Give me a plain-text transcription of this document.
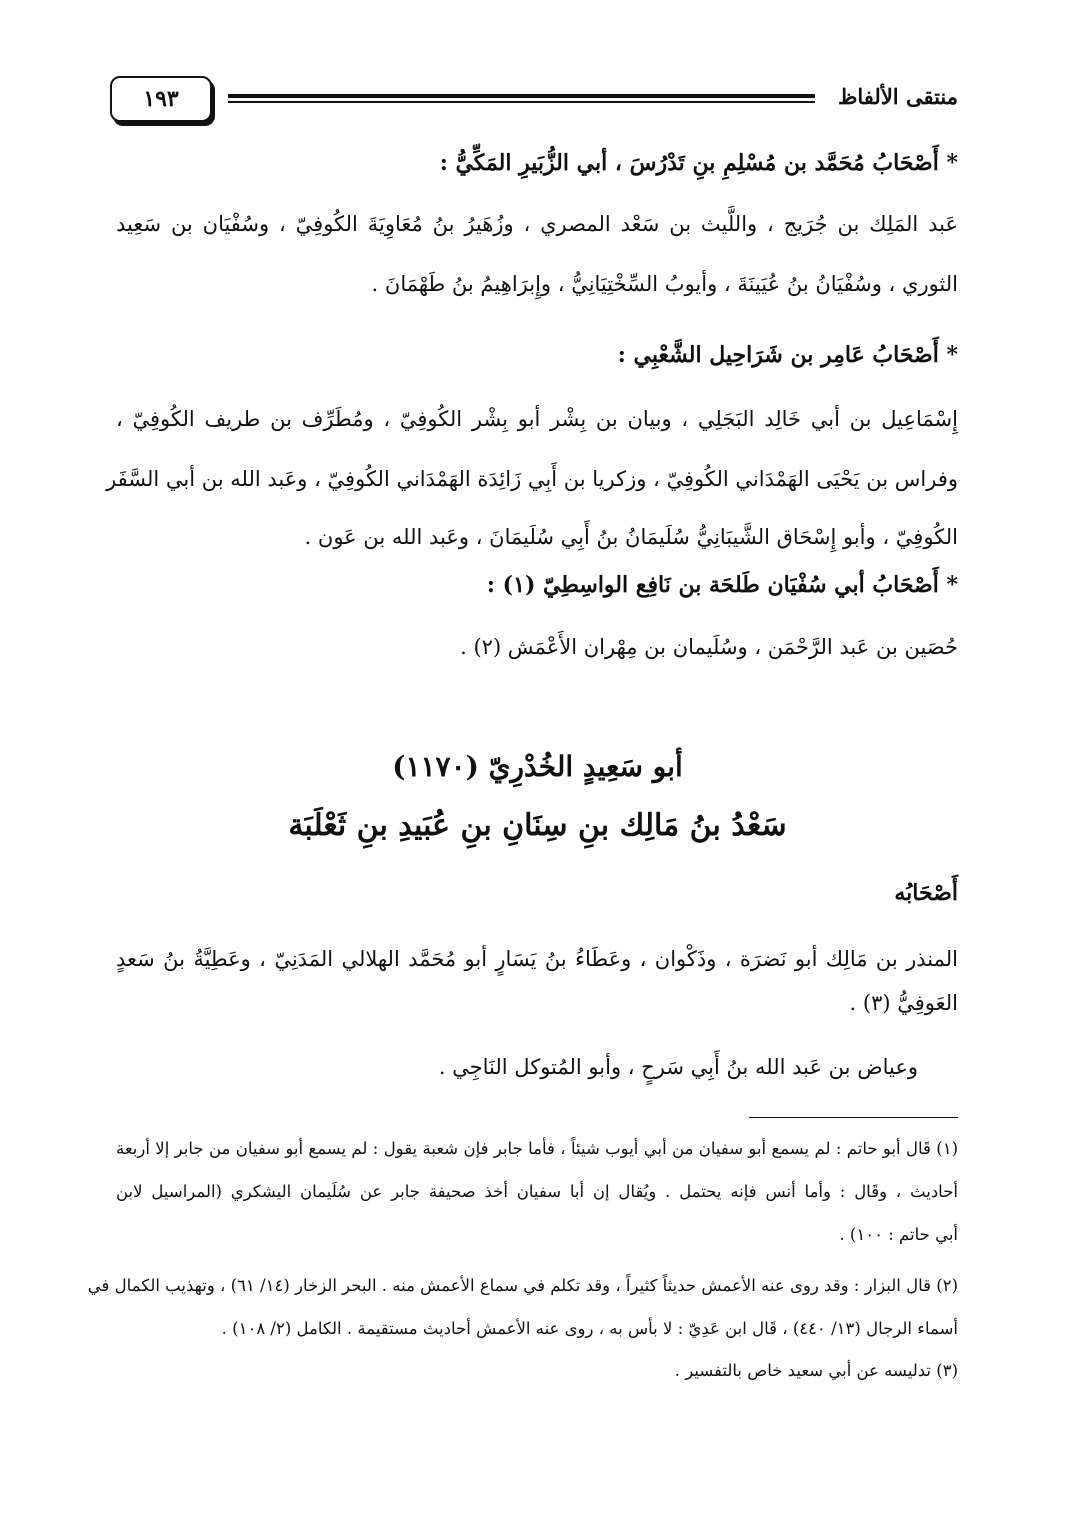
منتقى الألفاظ
١٩٣
* أَصْحَابُ مُحَمَّد بن مُسْلِمِ بنِ تَدْرُسَ ، أبي الزُّبَيرِ المَكِّيُّ :
عَبد المَلِك بن جُرَيج ، واللَّيث بن سَعْد المصري ، وزُهَيرُ بنُ مُعَاوِيَةَ الكُوفِيّ ، وسُفْيَان بن سَعِيد
الثوري ، وسُفْيَانُ بنُ عُيَينَةَ ، وأيوبُ السِّخْتِيَانِيُّ ، وإِبرَاهِيمُ بنُ طَهْمَانَ .
* أَصْحَابُ عَامِر بن شَرَاحِيل الشَّعْبِي :
إِسْمَاعِيل بن أبي خَالِد البَجَلِي ، وبيان بن بِشْر أبو بِشْر الكُوفِيّ ، ومُطَرِّف بن طريف الكُوفِيّ ،
وفراس بن يَحْيَى الهَمْدَاني الكُوفِيّ ، وزكريا بن أَبِي زَائِدَة الهَمْدَاني الكُوفِيّ ، وعَبد الله بن أبي السَّفَر
الكُوفِيّ ، وأبو إِسْحَاق الشَّيبَانِيُّ سُلَيمَانُ بنُ أَبِي سُلَيمَانَ ، وعَبد الله بن عَون .
* أَصْحَابُ أبي سُفْيَان طَلحَة بن نَافِع الواسِطِيّ (١) :
حُصَين بن عَبد الرَّحْمَن ، وسُلَيمان بن مِهْران الأَعْمَش (٢) .
أبو سَعِيدٍ الخُدْرِيّ (١١٧٠)
سَعْدُ بنُ مَالِك بنِ سِنَانِ بنِ عُبَيدِ بنِ ثَعْلَبَة
أَصْحَابُه
المنذر بن مَالِك أبو نَضرَة ، وذَكْوان ، وعَطَاءُ بنُ يَسَارٍ أبو مُحَمَّد الهلالي المَدَنِيّ ، وعَطِيَّةُ بنُ سَعدٍ
العَوفِيُّ (٣) .
وعياض بن عَبد الله بنُ أَبِي سَرحٍ ، وأبو المُتوكل النَاجِي .
(١) قَال أبو حاتم : لم يسمع أبو سفيان من أبي أيوب شيئاً ، فأما جابر فإن شعبة يقول : لم يسمع أبو سفيان من جابر إلا أربعة
أحاديث ، وقَال : وأما أنس فإنه يحتمل . ويُقال إن أبا سفيان أخذ صحيفة جابر عن سُلَيمان اليشكري (المراسيل لابن
أبي حاتم : ١٠٠) .
(٢) قال البزار : وقد روى عنه الأعمش حديثاً كثيراً ، وقد تكلم في سماع الأعمش منه . البحر الزخار (١٤/ ٦١) ، وتهذيب الكمال في
أسماء الرجال (١٣/ ٤٤٠) ، قَال ابن عَدِيّ : لا بأس به ، روى عنه الأعمش أحاديث مستقيمة . الكامل (٢/ ١٠٨) .
(٣) تدليسه عن أبي سعيد خاص بالتفسير .
